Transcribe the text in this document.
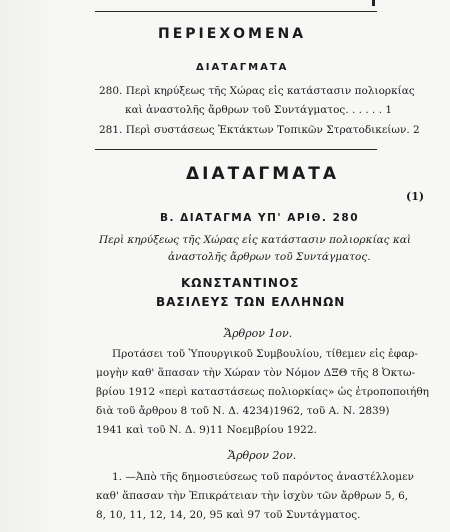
ΠΕΡΙΕΧΟΜΕΝΑ
ΔΙΑΤΑΓΜΑΤΑ
280. Περὶ κηρύξεως τῆς Χώρας εἰς κατάστασιν πολιορκίας
καὶ ἀναστολῆς ἄρθρων τοῦ Συντάγματος. . . . . . 1
281. Περὶ συστάσεως Ἐκτάκτων Τοπικῶν Στρατοδικείων. 2
ΔΙΑΤΑΓΜΑΤΑ
(1)
Β. ΔΙΑΤΑΓΜΑ ΥΠ' ΑΡΙΘ. 280
Περὶ κηρύξεως τῆς Χώρας εἰς κατάστασιν πολιορκίας καὶ
ἀναστολῆς ἄρθρων τοῦ Συντάγματος.
ΚΩΝΣΤΑΝΤΙΝΟΣ
ΒΑΣΙΛΕΥΣ ΤΩΝ ΕΛΛΗΝΩΝ
Ἄρθρον 1ον.
Προτάσει τοῦ Ὑπουργικοῦ Συμβουλίου, τίθεμεν εἰς ἐφαρ-
μογὴν καθ' ἅπασαν τὴν Χώραν τὸν Νόμον ΔΞΘ τῆς 8 Ὀκτω-
βρίου 1912 «περὶ καταστάσεως πολιορκίας» ὡς ἐτροποποιήθη
διὰ τοῦ ἄρθρου 8 τοῦ Ν. Δ. 4234)1962, τοῦ Α. Ν. 2839)
1941 καὶ τοῦ Ν. Δ. 9)11 Νοεμβρίου 1922.
Ἄρθρον 2ον.
1. —Ἀπὸ τῆς δημοσιεύσεως τοῦ παρόντος ἀναστέλλομεν
καθ' ἅπασαν τὴν Ἐπικράτειαν τὴν ἰσχὺν τῶν ἄρθρων 5, 6,
8, 10, 11, 12, 14, 20, 95 καὶ 97 τοῦ Συντάγματος.
